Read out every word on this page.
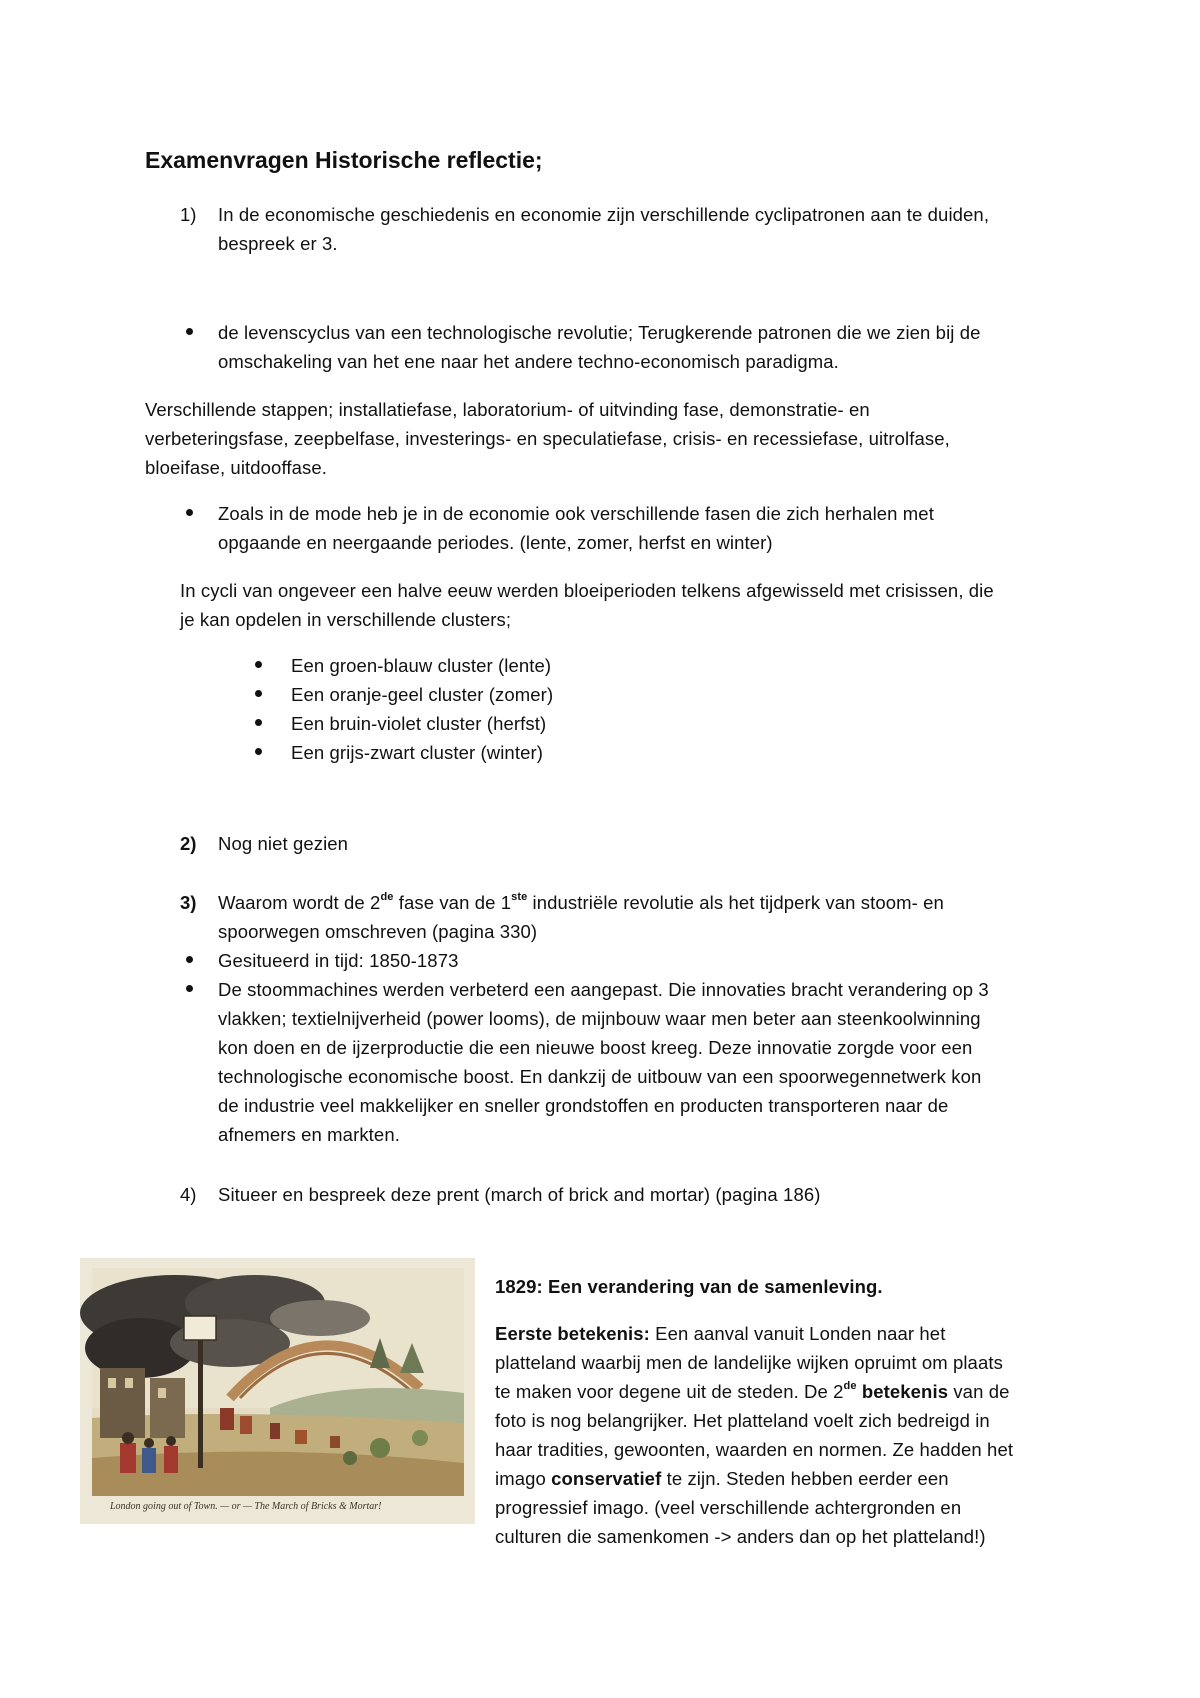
Examenvragen Historische reflectie;
1) In de economische geschiedenis en economie zijn verschillende cyclipatronen aan te duiden,
bespreek er 3.
de levenscyclus van een technologische revolutie; Terugkerende patronen die we zien bij de
omschakeling van het ene naar het andere techno-economisch paradigma.
Verschillende stappen; installatiefase, laboratorium- of uitvinding fase, demonstratie- en
verbeteringsfase, zeepbelfase, investerings- en speculatiefase, crisis- en recessiefase, uitrolfase,
bloeifase, uitdooffase.
Zoals in de mode heb je in de economie ook verschillende fasen die zich herhalen met
opgaande en neergaande periodes. (lente, zomer, herfst en winter)
In cycli van ongeveer een halve eeuw werden bloeiperioden telkens afgewisseld met crisissen, die
je kan opdelen in verschillende clusters;
Een groen-blauw cluster (lente)
Een oranje-geel cluster (zomer)
Een bruin-violet cluster (herfst)
Een grijs-zwart cluster (winter)
2) Nog niet gezien
3) Waarom wordt de 2de fase van de 1ste industriële revolutie als het tijdperk van stoom- en
spoorwegen omschreven (pagina 330)
Gesitueerd in tijd: 1850-1873
De stoommachines werden verbeterd een aangepast. Die innovaties bracht verandering op 3
vlakken; textielnijverheid (power looms), de mijnbouw waar men beter aan steenkoolwinning
kon doen en de ijzerproductie die een nieuwe boost kreeg. Deze innovatie zorgde voor een
technologische economische boost. En dankzij de uitbouw van een spoorwegennetwerk kon
de industrie veel makkelijker en sneller grondstoffen en producten transporteren naar de
afnemers en markten.
4) Situeer en bespreek deze prent (march of brick and mortar) (pagina 186)
London going out of Town. — or — The March of Bricks & Mortar!
1829: Een verandering van de samenleving.
Eerste betekenis: Een aanval vanuit Londen naar het
platteland waarbij men de landelijke wijken opruimt om plaats
te maken voor degene uit de steden. De 2de betekenis van de
foto is nog belangrijker. Het platteland voelt zich bedreigd in
haar tradities, gewoonten, waarden en normen. Ze hadden het
imago conservatief te zijn. Steden hebben eerder een
progressief imago. (veel verschillende achtergronden en
culturen die samenkomen -> anders dan op het platteland!)
